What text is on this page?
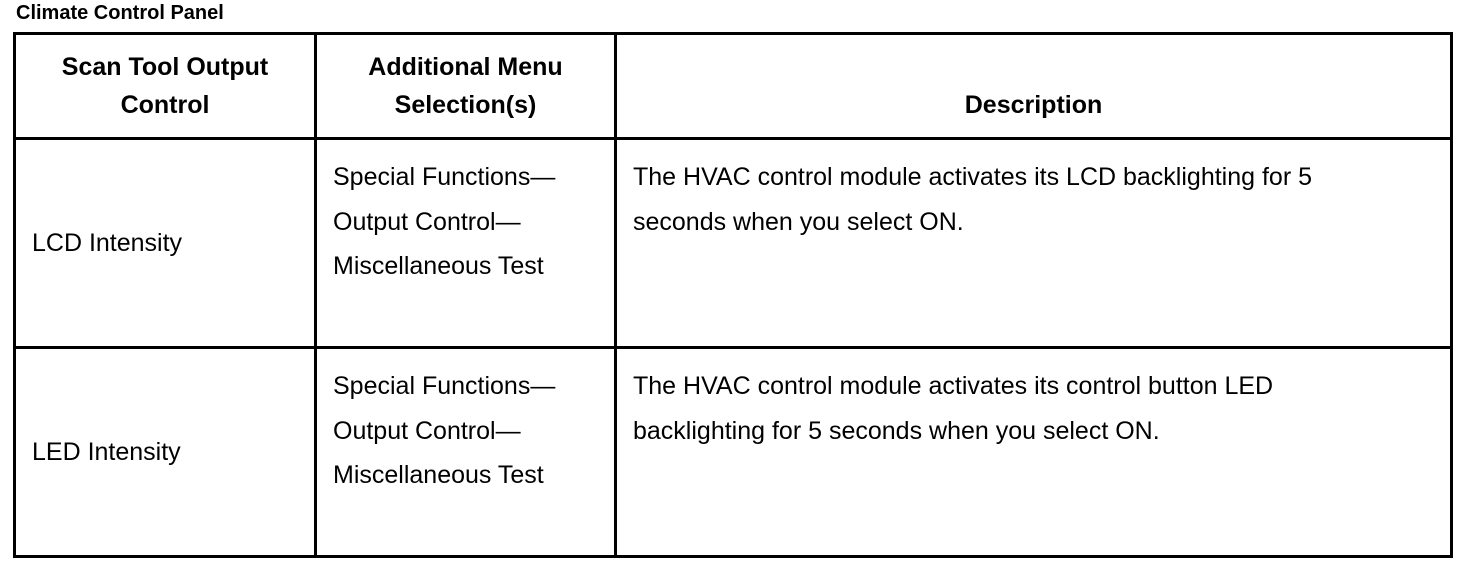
Climate Control Panel
Scan Tool Output Control	Additional Menu Selection(s)	Description
LCD Intensity	Special Functions—Output Control—Miscellaneous Test	The HVAC control module activates its LCD backlighting for 5 seconds when you select ON.
LED Intensity	Special Functions—Output Control—Miscellaneous Test	The HVAC control module activates its control button LED backlighting for 5 seconds when you select ON.
